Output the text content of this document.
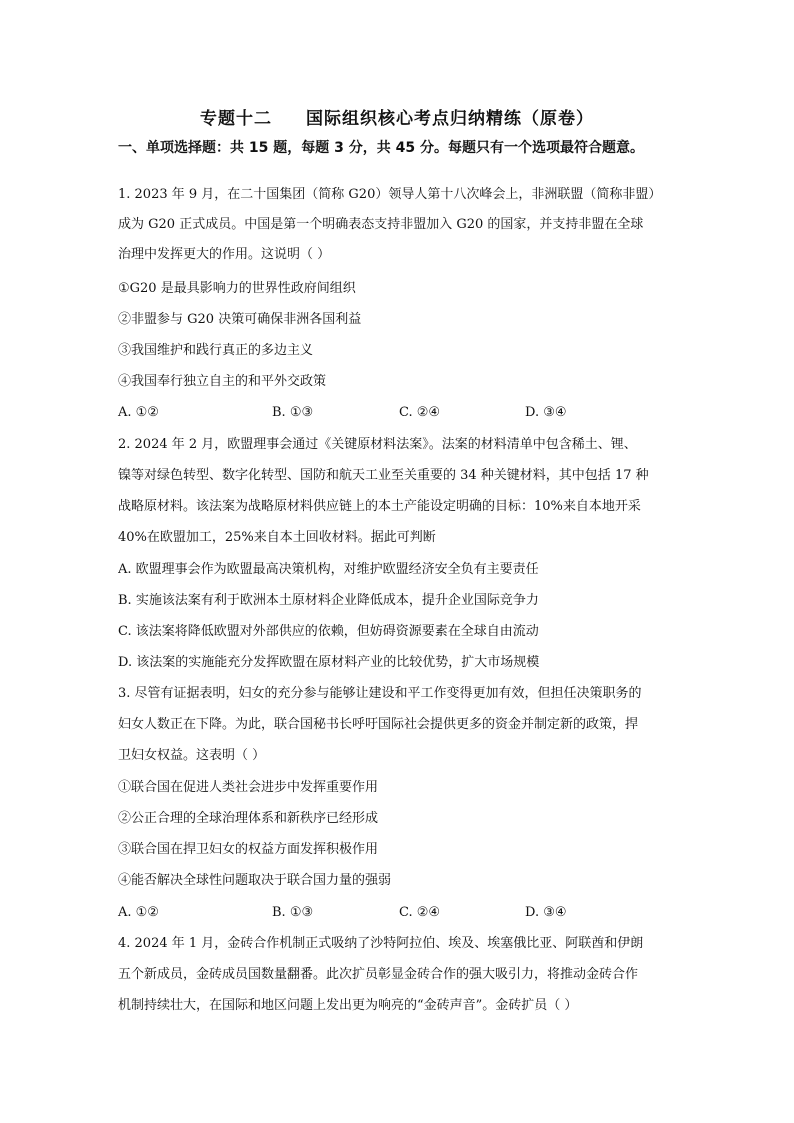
专题十二 国际组织核心考点归纳精练（原卷）
一、单项选择题：共 15 题，每题 3 分，共 45 分。每题只有一个选项最符合题意。
1. 2023 年 9 月，在二十国集团（简称 G20）领导人第十八次峰会上，非洲联盟（简称非盟）
成为 G20 正式成员。中国是第一个明确表态支持非盟加入 G20 的国家，并支持非盟在全球
治理中发挥更大的作用。这说明（ ）
①G20 是最具影响力的世界性政府间组织
②非盟参与 G20 决策可确保非洲各国利益
③我国维护和践行真正的多边主义
④我国奉行独立自主的和平外交政策
A. ①②	B. ①③	C. ②④	D. ③④
2. 2024 年 2 月，欧盟理事会通过《关键原材料法案》。法案的材料清单中包含稀土、锂、
镍等对绿色转型、数字化转型、国防和航天工业至关重要的 34 种关键材料，其中包括 17 种
战略原材料。该法案为战略原材料供应链上的本土产能设定明确的目标：10%来自本地开采
40%在欧盟加工，25%来自本土回收材料。据此可判断
A. 欧盟理事会作为欧盟最高决策机构，对维护欧盟经济安全负有主要责任
B. 实施该法案有利于欧洲本土原材料企业降低成本，提升企业国际竞争力
C. 该法案将降低欧盟对外部供应的依赖，但妨碍资源要素在全球自由流动
D. 该法案的实施能充分发挥欧盟在原材料产业的比较优势，扩大市场规模
3. 尽管有证据表明，妇女的充分参与能够让建设和平工作变得更加有效，但担任决策职务的
妇女人数正在下降。为此，联合国秘书长呼吁国际社会提供更多的资金并制定新的政策，捍
卫妇女权益。这表明（ ）
①联合国在促进人类社会进步中发挥重要作用
②公正合理的全球治理体系和新秩序已经形成
③联合国在捍卫妇女的权益方面发挥积极作用
④能否解决全球性问题取决于联合国力量的强弱
A. ①②	B. ①③	C. ②④	D. ③④
4. 2024 年 1 月，金砖合作机制正式吸纳了沙特阿拉伯、埃及、埃塞俄比亚、阿联酋和伊朗
五个新成员，金砖成员国数量翻番。此次扩员彰显金砖合作的强大吸引力，将推动金砖合作
机制持续壮大，在国际和地区问题上发出更为响亮的“金砖声音”。金砖扩员（ ）
